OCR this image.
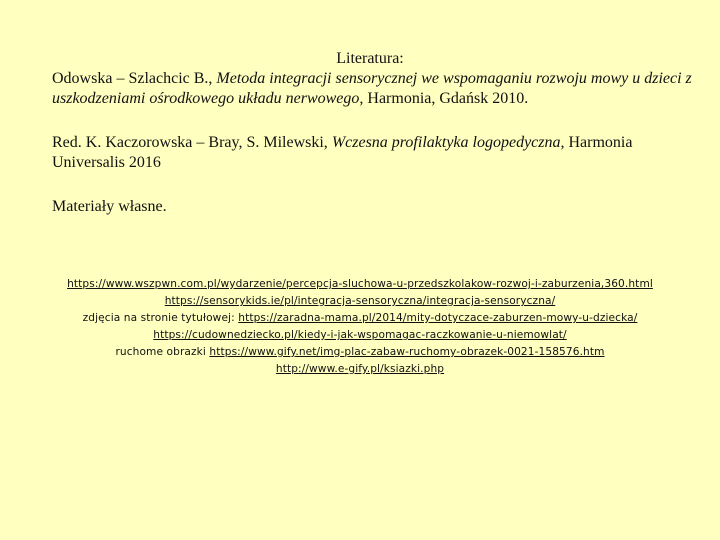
Literatura:

Odowska – Szlachcic B., Metoda integracji sensorycznej we wspomaganiu rozwoju mowy u dzieci z uszkodzeniami ośrodkowego układu nerwowego, Harmonia, Gdańsk 2010.

Red. K. Kaczorowska – Bray, S. Milewski, Wczesna profilaktyka logopedyczna, Harmonia Universalis 2016

Materiały własne.

https://www.wszpwn.com.pl/wydarzenie/percepcja-sluchowa-u-przedszkolakow-rozwoj-i-zaburzenia,360.html
https://sensorykids.ie/pl/integracja-sensoryczna/integracja-sensoryczna/
zdjęcia na stronie tytułowej: https://zaradna-mama.pl/2014/mity-dotyczace-zaburzen-mowy-u-dziecka/
https://cudownedziecko.pl/kiedy-i-jak-wspomagac-raczkowanie-u-niemowlat/
ruchome obrazki https://www.gify.net/img-plac-zabaw-ruchomy-obrazek-0021-158576.htm
http://www.e-gify.pl/ksiazki.php
